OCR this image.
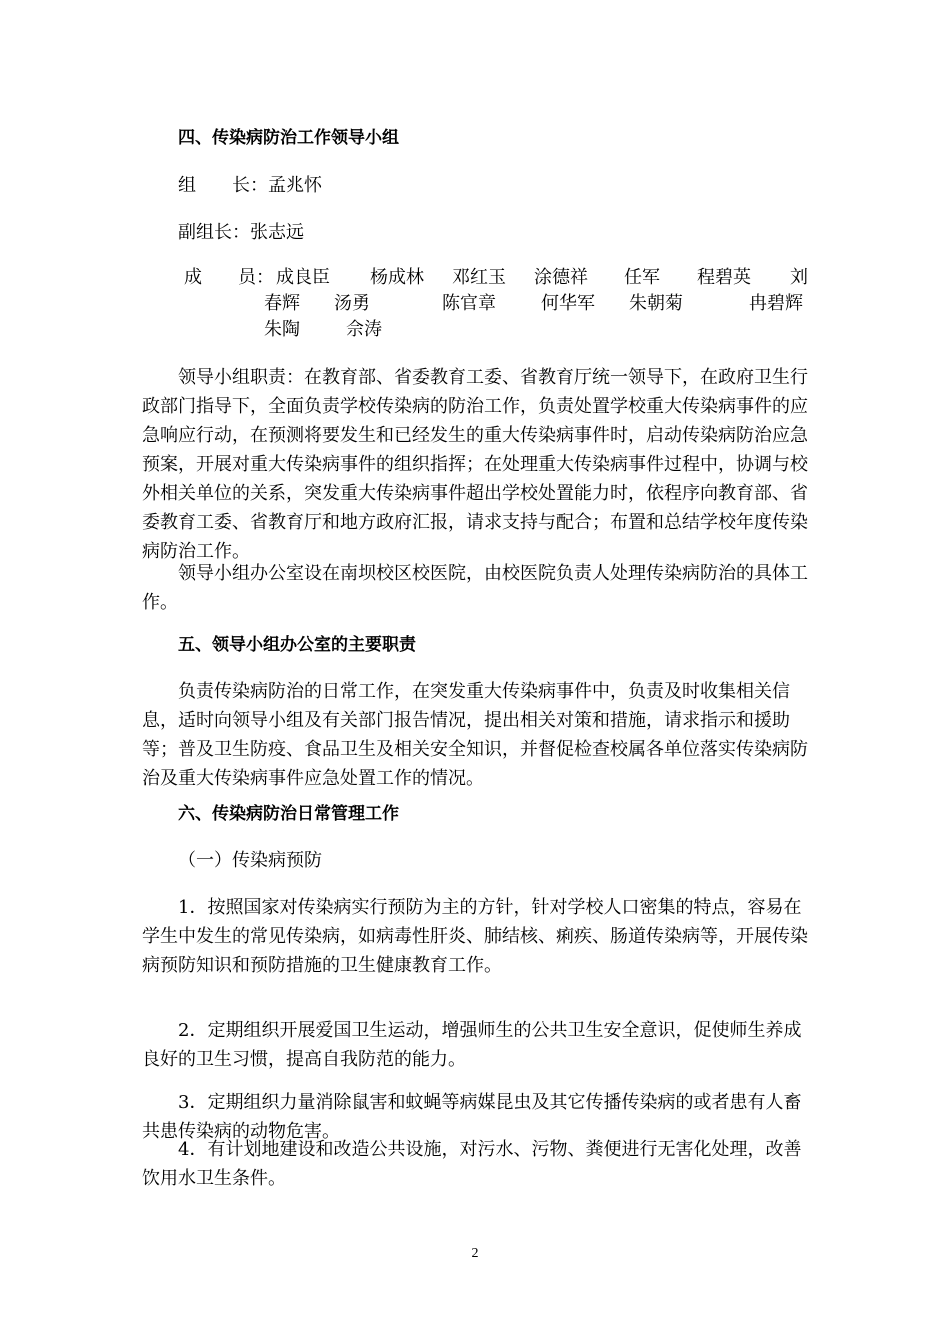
四、传染病防治工作领导小组
组　　长：孟兆怀
副组长：张志远
成　　员： 成良臣 杨成林 邓红玉 涂德祥 任军 程碧英 刘
春辉 汤勇	陈官章	何华军 朱朝菊	冉碧辉
朱陶	佘涛
领导小组职责：在教育部、省委教育工委、省教育厅统一领导下，在政府卫生行政部门指导下，全面负责学校传染病的防治工作，负责处置学校重大传染病事件的应急响应行动，在预测将要发生和已经发生的重大传染病事件时，启动传染病防治应急预案，开展对重大传染病事件的组织指挥；在处理重大传染病事件过程中，协调与校外相关单位的关系，突发重大传染病事件超出学校处置能力时，依程序向教育部、省委教育工委、省教育厅和地方政府汇报，请求支持与配合；布置和总结学校年度传染病防治工作。
领导小组办公室设在南坝校区校医院，由校医院负责人处理传染病防治的具体工作。
五、领导小组办公室的主要职责
负责传染病防治的日常工作，在突发重大传染病事件中，负责及时收集相关信息，适时向领导小组及有关部门报告情况，提出相关对策和措施，请求指示和援助等；普及卫生防疫、食品卫生及相关安全知识，并督促检查校属各单位落实传染病防治及重大传染病事件应急处置工作的情况。
六、传染病防治日常管理工作
（一）传染病预防
1．按照国家对传染病实行预防为主的方针，针对学校人口密集的特点，容易在学生中发生的常见传染病，如病毒性肝炎、肺结核、痢疾、肠道传染病等，开展传染病预防知识和预防措施的卫生健康教育工作。
2．定期组织开展爱国卫生运动，增强师生的公共卫生安全意识，促使师生养成良好的卫生习惯，提高自我防范的能力。
3．定期组织力量消除鼠害和蚊蝇等病媒昆虫及其它传播传染病的或者患有人畜共患传染病的动物危害。
4．有计划地建设和改造公共设施，对污水、污物、粪便进行无害化处理，改善饮用水卫生条件。
2
